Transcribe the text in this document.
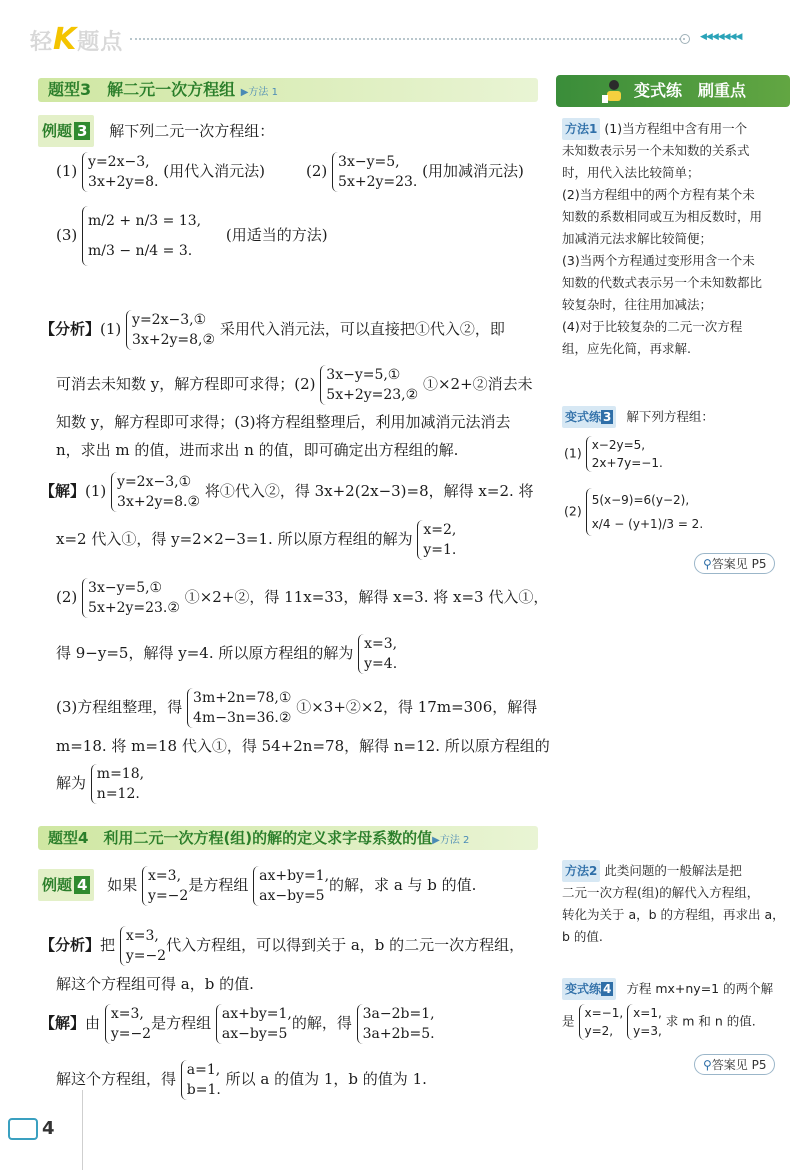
轻K题点	◀◀◀◀◀◀◀
题型3　解二元一次方程组 ▶方法 1	变式练　刷重点
例题 3 解下列二元一次方程组：
(1) y=2x−3,
3x+2y=8.
(用代入消元法)	(2) 3x−y=5,
5x+2y=23.
(用加减消元法)
(3)
m/2 + n/3 = 13,
m/3 − n/4 = 3.
(用适当的方法)
【分析】(1) y=2x−3,①
3x+2y=8,②
采用代入消元法，可以直接把①代入②，即
可消去未知数 y，解方程即可求得；(2) 3x−y=5,①
5x+2y=23,②
①×2+②消去未
知数 y，解方程即可求得；(3)将方程组整理后，利用加减消元法消去
n，求出 m 的值，进而求出 n 的值，即可确定出方程组的解.
【解】(1) y=2x−3,①
3x+2y=8.②
将①代入②，得 3x+2(2x−3)=8，解得 x=2. 将
x=2 代入①，得 y=2×2−3=1. 所以原方程组的解为 x=2,
y=1.
(2) 3x−y=5,①
5x+2y=23.②
①×2+②，得 11x=33，解得 x=3. 将 x=3 代入①，
得 9−y=5，解得 y=4. 所以原方程组的解为 x=3,
y=4.
(3)方程组整理，得 3m+2n=78,①
4m−3n=36.②
①×3+②×2，得 17m=306，解得
m=18. 将 m=18 代入①，得 54+2n=78，解得 n=12. 所以原方程组的
解为 m=18,
n=12.
题型4　利用二元一次方程(组)的解的定义求字母系数的值▶方法 2
例题 4 如果 x=3,
y=−2
是方程组 ax+by=1,
ax−by=5
的解，求 a 与 b 的值.
【分析】把 x=3,
y=−2
代入方程组，可以得到关于 a，b 的二元一次方程组，
解这个方程组可得 a，b 的值.
【解】由 x=3,
y=−2
是方程组 ax+by=1,
ax−by=5
的解，得 3a−2b=1,
3a+2b=5.
解这个方程组，得 a=1,
b=1.
所以 a 的值为 1，b 的值为 1.
方法1 (1)当方程组中含有用一个
未知数表示另一个未知数的关系式
时，用代入法比较简单；
(2)当方程组中的两个方程有某个未
知数的系数相同或互为相反数时，用
加减消元法求解比较简便；
(3)当两个方程通过变形用含一个未
知数的代数式表示另一个未知数都比
较复杂时，往往用加减法；
(4)对于比较复杂的二元一次方程
组，应先化简，再求解.
变式练 3 解下列方程组：
(1)
x−2y=5,
2x+7y=−1.
(2)
5(x−9)=6(y−2),
x/4 − (y+1)/3 = 2.
⚲答案见 P5
方法2 此类问题的一般解法是把
二元一次方程(组)的解代入方程组，
转化为关于 a，b 的方程组，再求出 a，
b 的值.
变式练 4 方程 mx+ny=1 的两个解
是
x=−1,
y=2,

x=1,
y=3,
求 m 和 n 的值.
⚲答案见 P5
4
